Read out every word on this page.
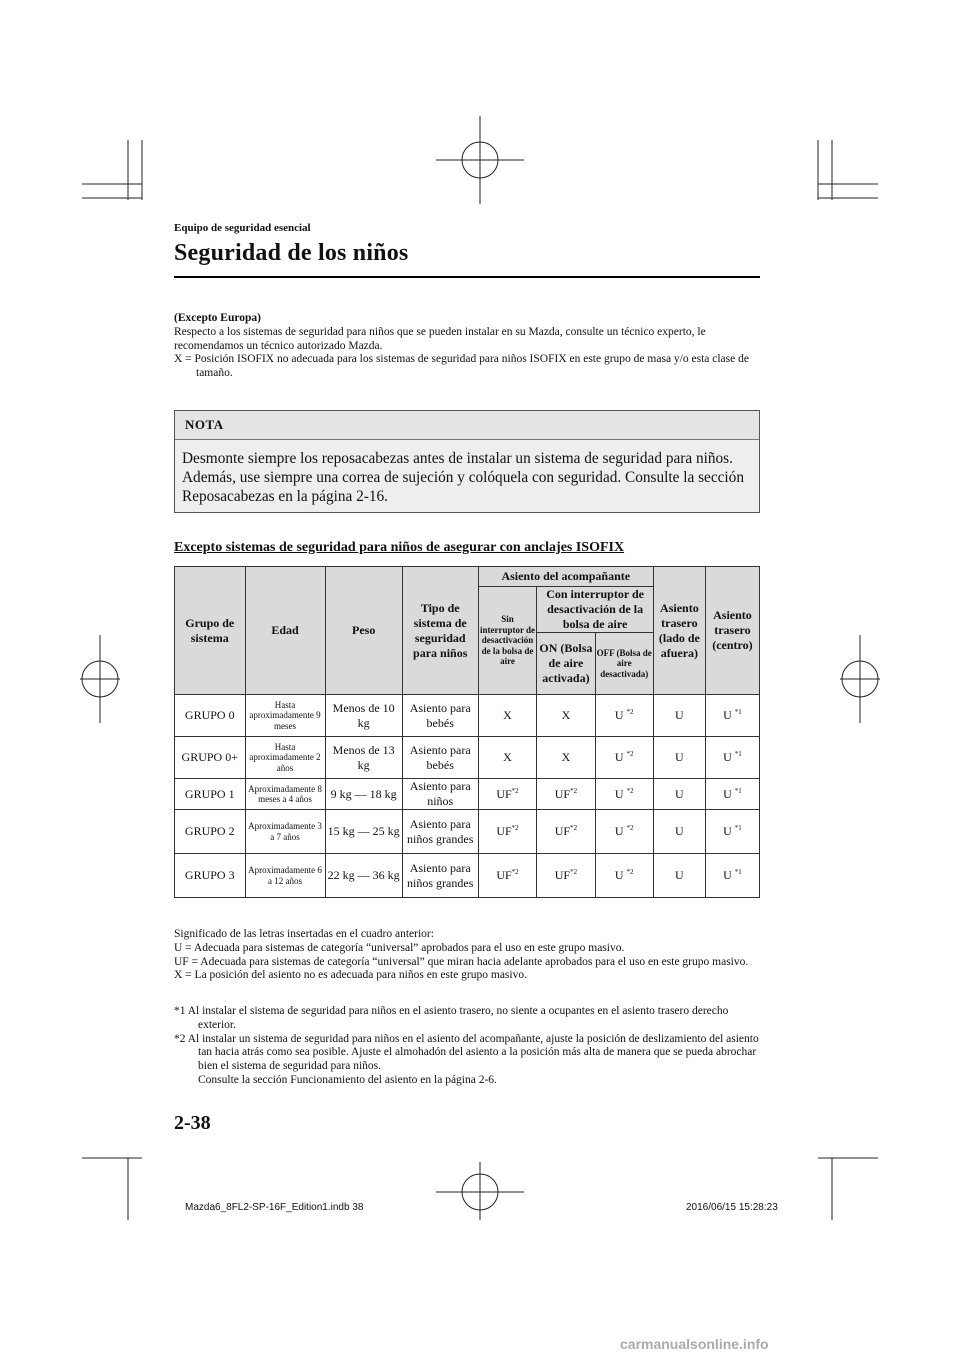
Equipo de seguridad esencial
Seguridad de los niños
(Excepto Europa)
Respecto a los sistemas de seguridad para niños que se pueden instalar en su Mazda, consulte un técnico experto, le recomendamos un técnico autorizado Mazda.
X = Posición ISOFIX no adecuada para los sistemas de seguridad para niños ISOFIX en este grupo de masa y/o esta clase de tamaño.
NOTA
Desmonte siempre los reposacabezas antes de instalar un sistema de seguridad para niños. Además, use siempre una correa de sujeción y colóquela con seguridad. Consulte la sección Reposacabezas en la página 2-16.
Excepto sistemas de seguridad para niños de asegurar con anclajes ISOFIX
Grupo de sistema	Edad	Peso	Tipo de sistema de seguridad para niños	Asiento del acompañante			Asiento trasero (lado de afuera)	Asiento trasero (centro)
				Sin interruptor de desactivación de la bolsa de aire	Con interruptor de desactivación de la bolsa de aire			
					ON (Bolsa de aire activada)	OFF (Bolsa de aire desactivada)		
GRUPO 0	Hasta aproximadamente 9 meses	Menos de 10 kg	Asiento para bebés	X	X	U $^{*2}$	U	U $^{*1}$
GRUPO 0+	Hasta aproximadamente 2 años	Menos de 13 kg	Asiento para bebés	X	X	U $^{*2}$	U	U $^{*1}$
GRUPO 1	Aproximadamente 8 meses a 4 años	9 kg — 18 kg	Asiento para niños	UF$^{*2}$	UF$^{*2}$	U $^{*2}$	U	U $^{*1}$
GRUPO 2	Aproximadamente 3 a 7 años	15 kg — 25 kg	Asiento para niños grandes	UF$^{*2}$	UF$^{*2}$	U $^{*2}$	U	U $^{*1}$
GRUPO 3	Aproximadamente 6 a 12 años	22 kg — 36 kg	Asiento para niños grandes	UF$^{*2}$	UF$^{*2}$	U $^{*2}$	U	U $^{*1}$

Significado de las letras insertadas en el cuadro anterior:

U = Adecuada para sistemas de categoría “universal” aprobados para el uso en este grupo masivo.

UF = Adecuada para sistemas de categoría “universal” que miran hacia adelante aprobados para el uso en este grupo masivo.

X = La posición del asiento no es adecuada para niños en este grupo masivo.

*1 Al instalar el sistema de seguridad para niños en el asiento trasero, no siente a ocupantes en el asiento trasero derecho exterior.

*2 Al instalar un sistema de seguridad para niños en el asiento del acompañante, ajuste la posición de deslizamiento del asiento tan hacia atrás como sea posible. Ajuste el almohadón del asiento a la posición más alta de manera que se pueda abrochar bien el sistema de seguridad para niños.

Consulte la sección Funcionamiento del asiento en la página 2-6.

2-38
Mazda6_8FL2-SP-16F_Edition1.indb 38	2016/06/15 15:28:23
carmanualsonline.info
